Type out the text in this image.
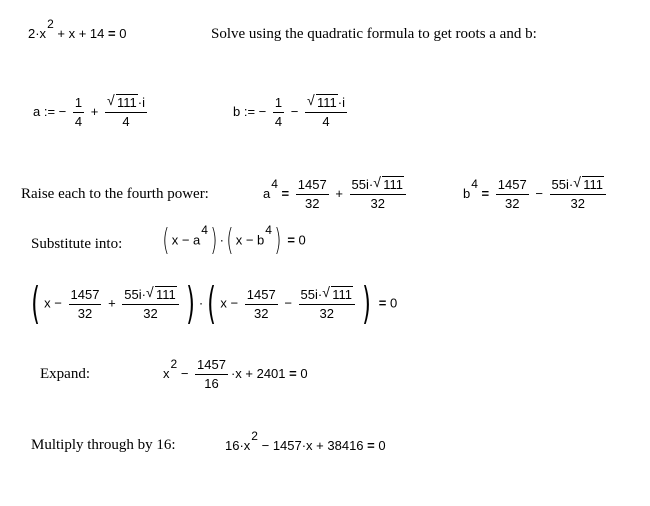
2·x2 + x + 14 = 0	Solve using the quadratic formula to get roots a and b:
a := − $\frac{1}{4} + \frac{√ 111\cdot i}{4}$	b := − $\frac{1}{4} - \frac{√ 111\cdot i}{4}$
Raise each to the fourth power:	$a4 = \frac{1457}{32} + \frac{55i\cdot √ 111}{32}$	$b4 = \frac{1457}{32} - \frac{55i\cdot √ 111}{32}$
Substitute into: ( x − a4) ·( x − b4) = 0
( $x - \frac{1457}{32} + \frac{55i\cdot √ 111}{32}$ ) ·( $x - \frac{1457}{32} - \frac{55i\cdot √ 111}{32}$ ) = 0
Expand:	$x2 - \frac{1457}{16} \cdot x + 2401 = 0$
Multiply through by 16:	16·x2 − 1457·x + 38416 = 0
